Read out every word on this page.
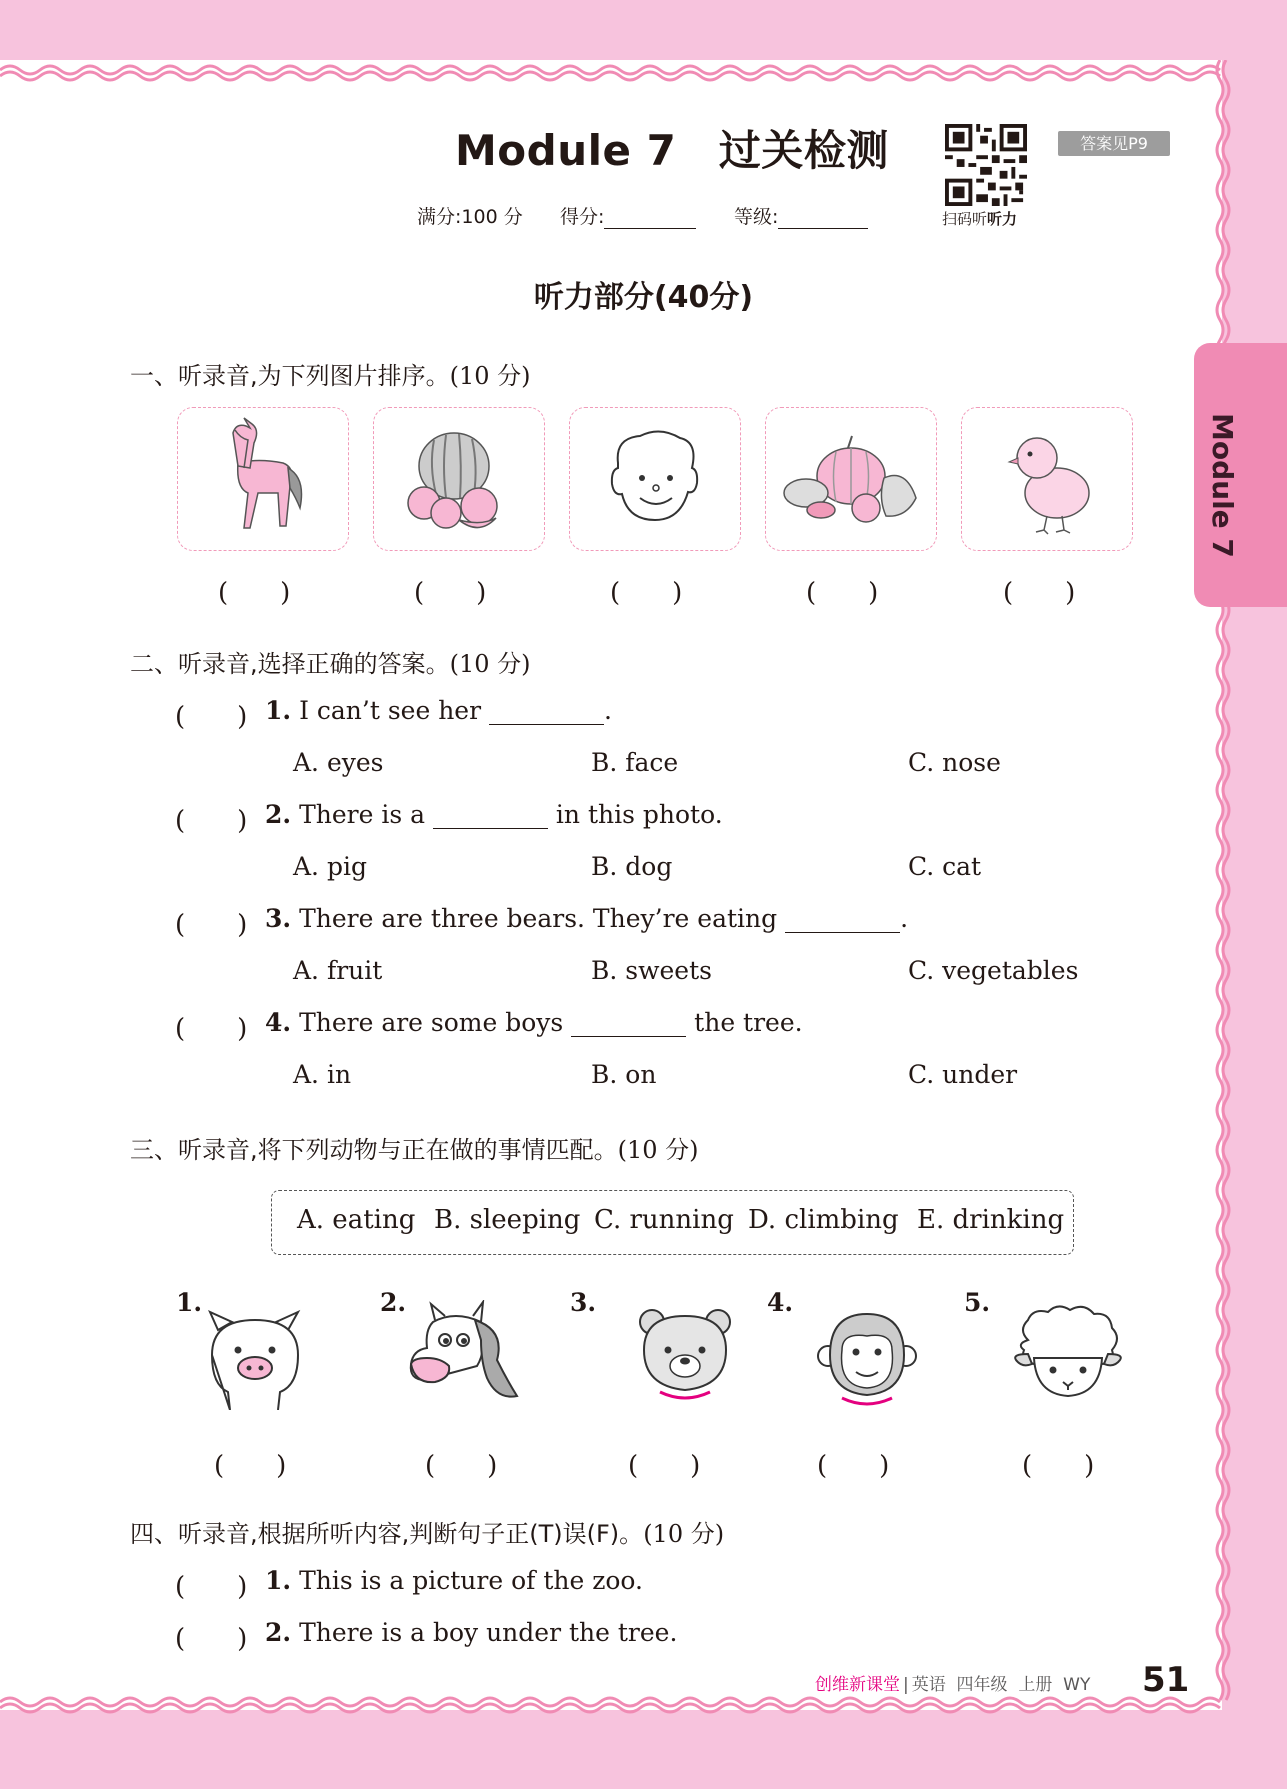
Module 7　过关检测
扫码听听力
答案见P9
满分:100 分 得分:	等级:
听力部分(40分)
Module 7
一、听录音,为下列图片排序。(10 分)
(　　)	(　　)	(　　)	(　　)	(　　)
二、听录音,选择正确的答案。(10 分)
(　　) 1. I can’t see her	.
A. eyes	B. face	C. nose
(　　) 2. There is a	in this photo.
A. pig	B. dog	C. cat
(　　) 3. There are three bears. They’re eating	.
A. fruit	B. sweets	C. vegetables
(　　) 4. There are some boys	the tree.
A. in	B. on	C. under
三、听录音,将下列动物与正在做的事情匹配。(10 分)
A. eating B. sleeping C. running D. climbing E. drinking
1.	2.	3.	4.	5.
(　　)	(　　)	(　　)	(　　)	(　　)
四、听录音,根据所听内容,判断句子正(T)误(F)。(10 分)
(　　) 1. This is a picture of the zoo.
(　　) 2. There is a boy under the tree.
创维新课堂 | 英语 四年级 上册 WY 51
